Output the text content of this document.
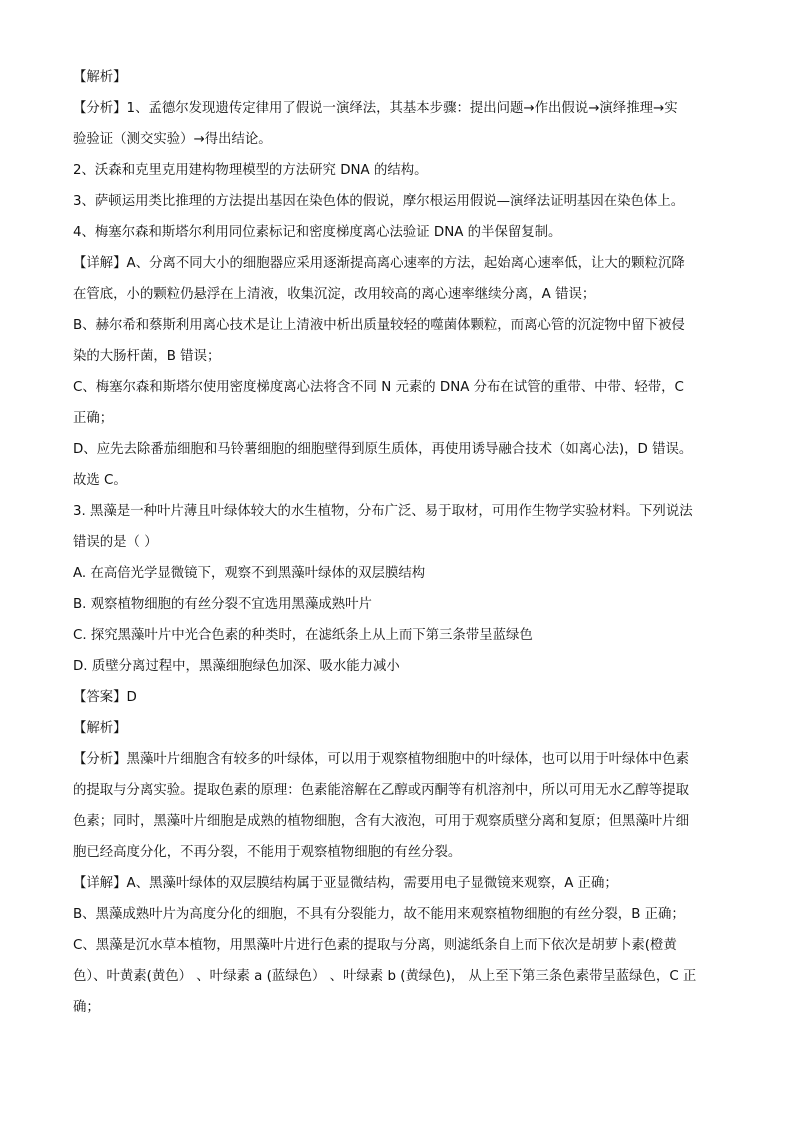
【解析】
【分析】1、孟德尔发现遗传定律用了假说一演绎法，其基本步骤：提出问题→作出假说→演绎推理→实
验验证（测交实验）→得出结论。
2、沃森和克里克用建构物理模型的方法研究 DNA 的结构。
3、萨顿运用类比推理的方法提出基因在染色体的假说，摩尔根运用假说—演绎法证明基因在染色体上。
4、梅塞尔森和斯塔尔利用同位素标记和密度梯度离心法验证 DNA 的半保留复制。
【详解】A、分离不同大小的细胞器应采用逐渐提高离心速率的方法，起始离心速率低，让大的颗粒沉降
在管底，小的颗粒仍悬浮在上清液，收集沉淀，改用较高的离心速率继续分离，A 错误；
B、赫尔希和蔡斯利用离心技术是让上清液中析出质量较轻的噬菌体颗粒，而离心管的沉淀物中留下被侵
染的大肠杆菌，B 错误；
C、梅塞尔森和斯塔尔使用密度梯度离心法将含不同 N 元素的 DNA 分布在试管的重带、中带、轻带，C
正确；
D、应先去除番茄细胞和马铃薯细胞的细胞壁得到原生质体，再使用诱导融合技术（如离心法)，D 错误。
故选 C。
3. 黑藻是一种叶片薄且叶绿体较大的水生植物，分布广泛、易于取材，可用作生物学实验材料。下列说法
错误的是（ ）
A. 在高倍光学显微镜下，观察不到黑藻叶绿体的双层膜结构
B. 观察植物细胞的有丝分裂不宜选用黑藻成熟叶片
C. 探究黑藻叶片中光合色素的种类时，在滤纸条上从上而下第三条带呈蓝绿色
D. 质壁分离过程中，黑藻细胞绿色加深、吸水能力减小
【答案】D
【解析】
【分析】黑藻叶片细胞含有较多的叶绿体，可以用于观察植物细胞中的叶绿体，也可以用于叶绿体中色素
的提取与分离实验。提取色素的原理：色素能溶解在乙醇或丙酮等有机溶剂中，所以可用无水乙醇等提取
色素；同时，黑藻叶片细胞是成熟的植物细胞，含有大液泡，可用于观察质壁分离和复原；但黑藻叶片细
胞已经高度分化，不再分裂，不能用于观察植物细胞的有丝分裂。
【详解】A、黑藻叶绿体的双层膜结构属于亚显微结构，需要用电子显微镜来观察，A 正确；
B、黑藻成熟叶片为高度分化的细胞，不具有分裂能力，故不能用来观察植物细胞的有丝分裂，B 正确；
C、黑藻是沉水草本植物，用黑藻叶片进行色素的提取与分离，则滤纸条自上而下依次是胡萝卜素(橙黄
色）、叶黄素(黄色） 、叶绿素 a (蓝绿色） 、叶绿素 b (黄绿色)， 从上至下第三条色素带呈蓝绿色，C 正
确；
